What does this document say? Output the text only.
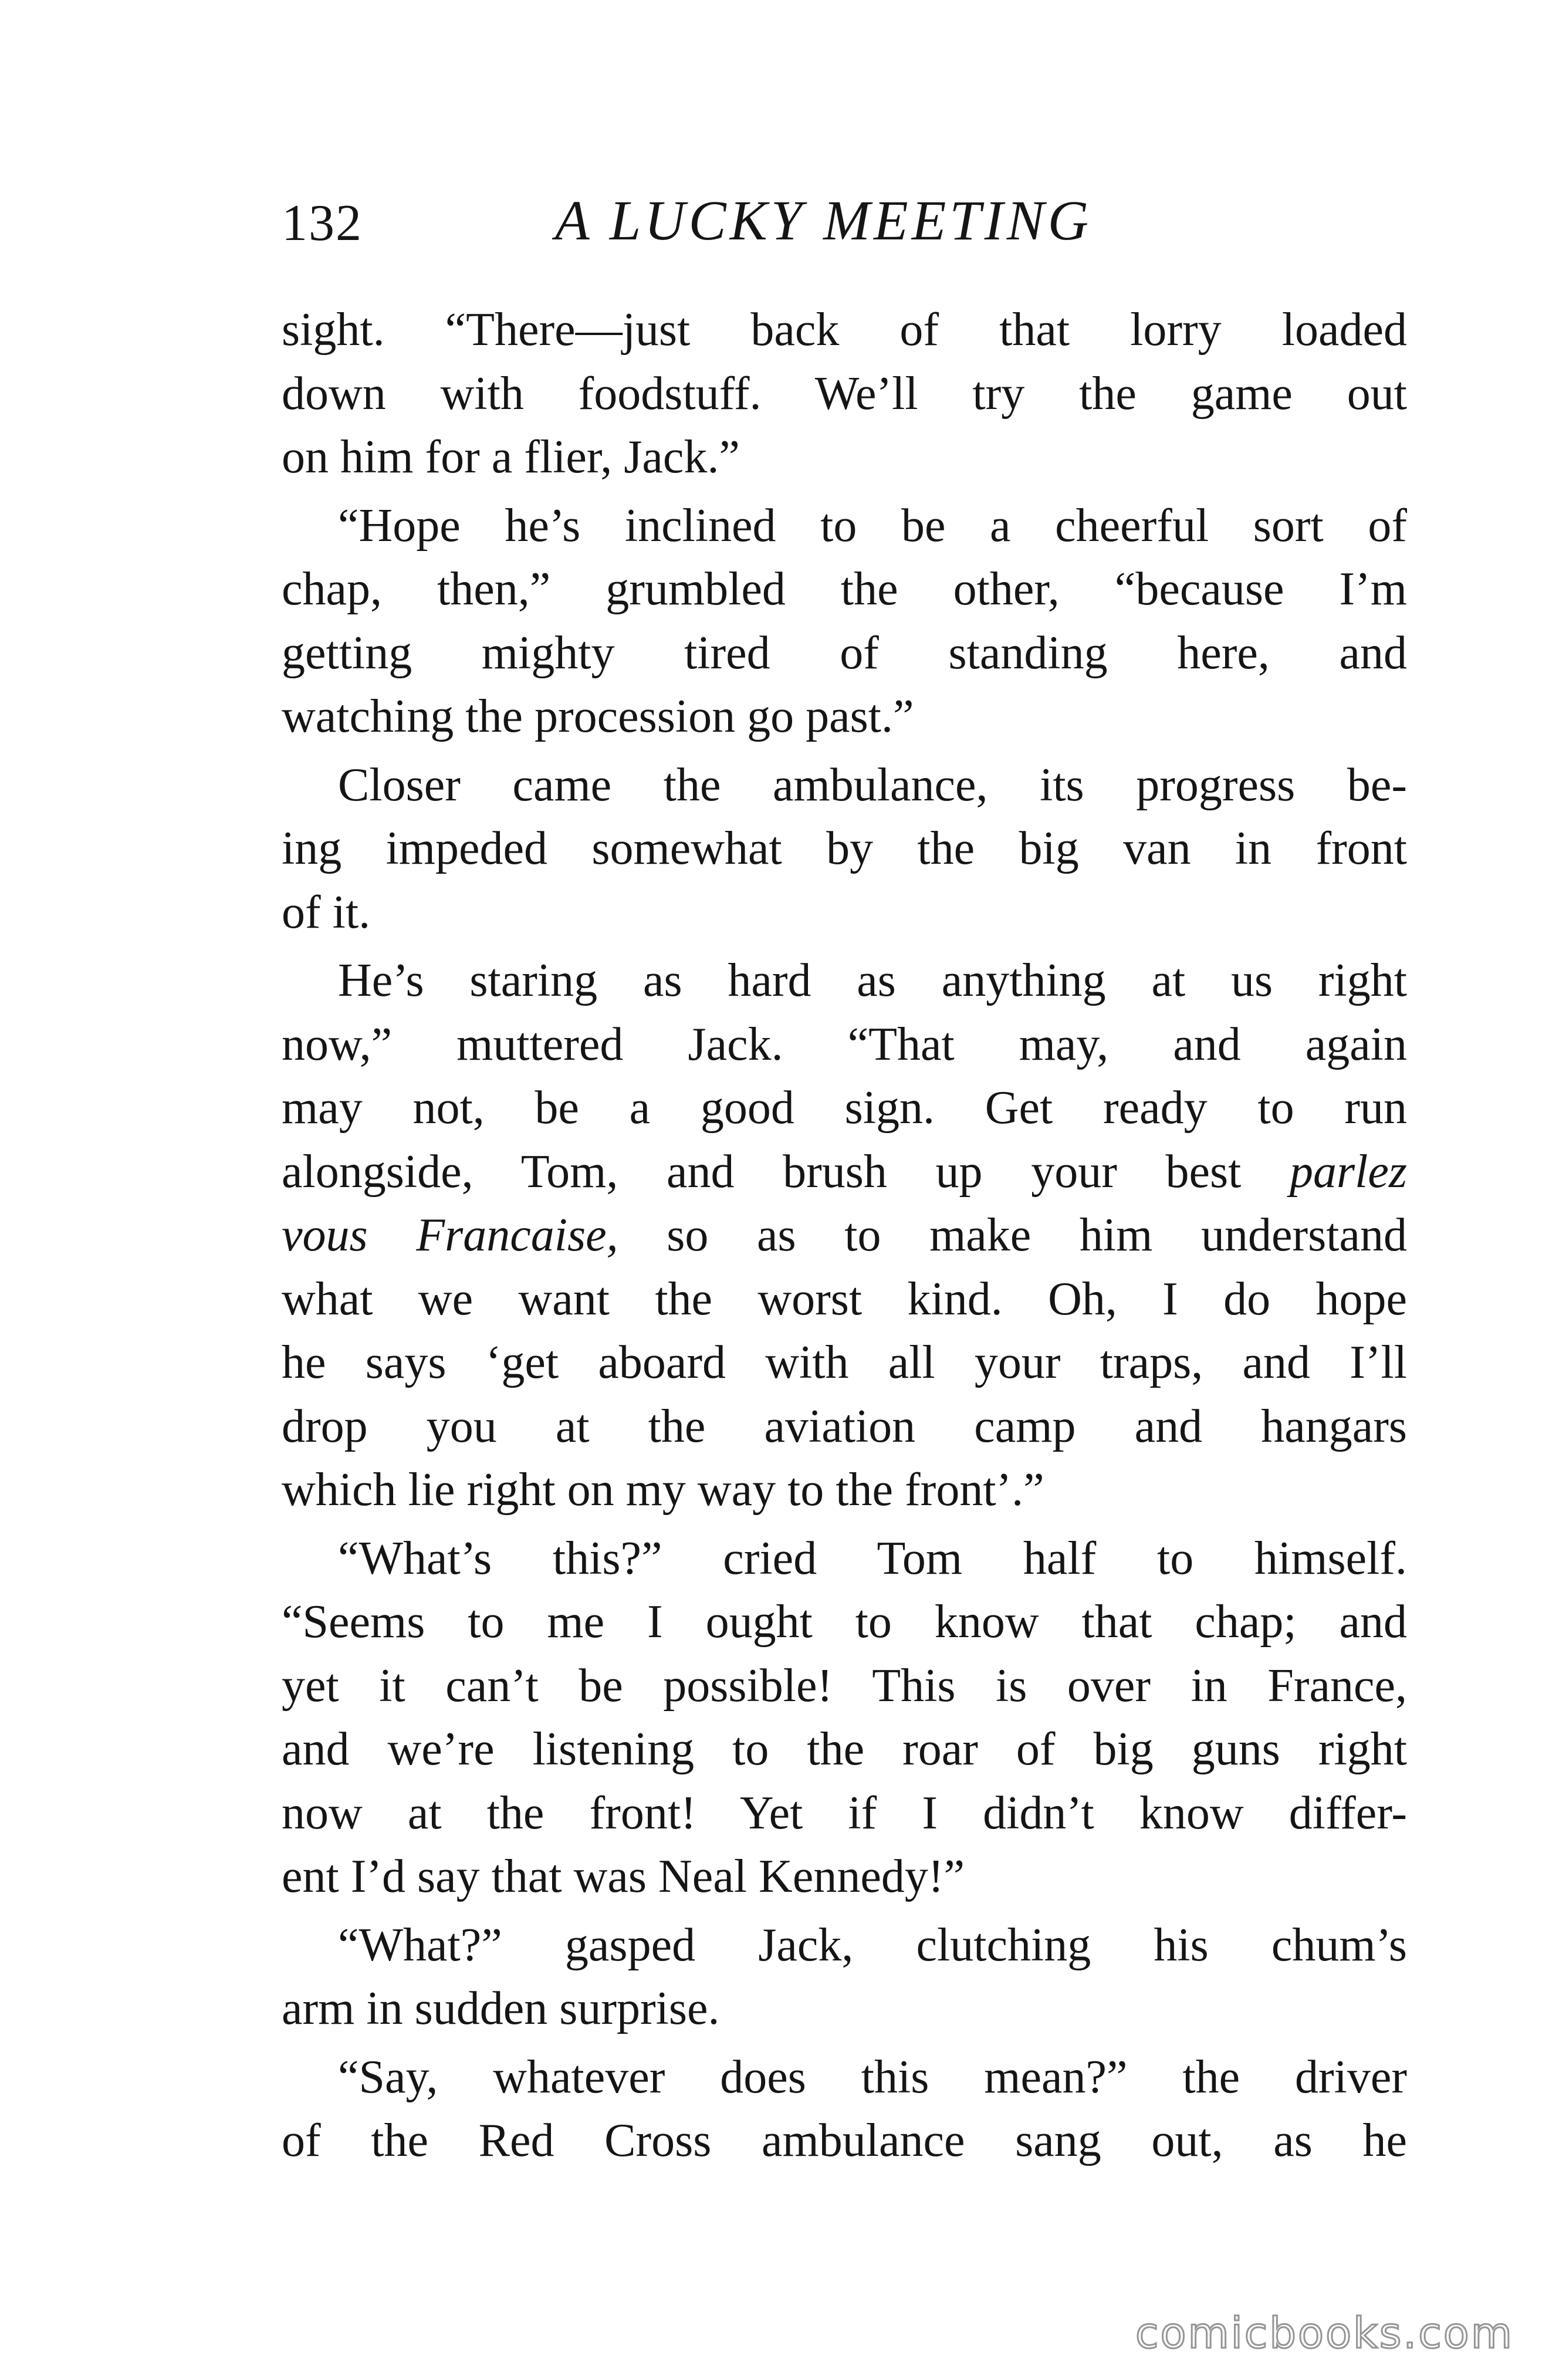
132	A LUCKY MEETING
sight. “There—just back of that lorry loaded
down with foodstuff. We’ll try the game out
on him for a flier, Jack.”
“Hope he’s inclined to be a cheerful sort of
chap, then,” grumbled the other, “because I’m
getting mighty tired of standing here, and
watching the procession go past.”
Closer came the ambulance, its progress be-
ing impeded somewhat by the big van in front
of it.
He’s staring as hard as anything at us right
now,” muttered Jack. “That may, and again
may not, be a good sign. Get ready to run
alongside, Tom, and brush up your best parlez
vous Francaise, so as to make him understand
what we want the worst kind. Oh, I do hope
he says ‘get aboard with all your traps, and I’ll
drop you at the aviation camp and hangars
which lie right on my way to the front’.”
“What’s this?” cried Tom half to himself.
“Seems to me I ought to know that chap; and
yet it can’t be possible! This is over in France,
and we’re listening to the roar of big guns right
now at the front! Yet if I didn’t know differ-
ent I’d say that was Neal Kennedy!”
“What?” gasped Jack, clutching his chum’s
arm in sudden surprise.
“Say, whatever does this mean?” the driver
of the Red Cross ambulance sang out, as he
comicbooks.com
